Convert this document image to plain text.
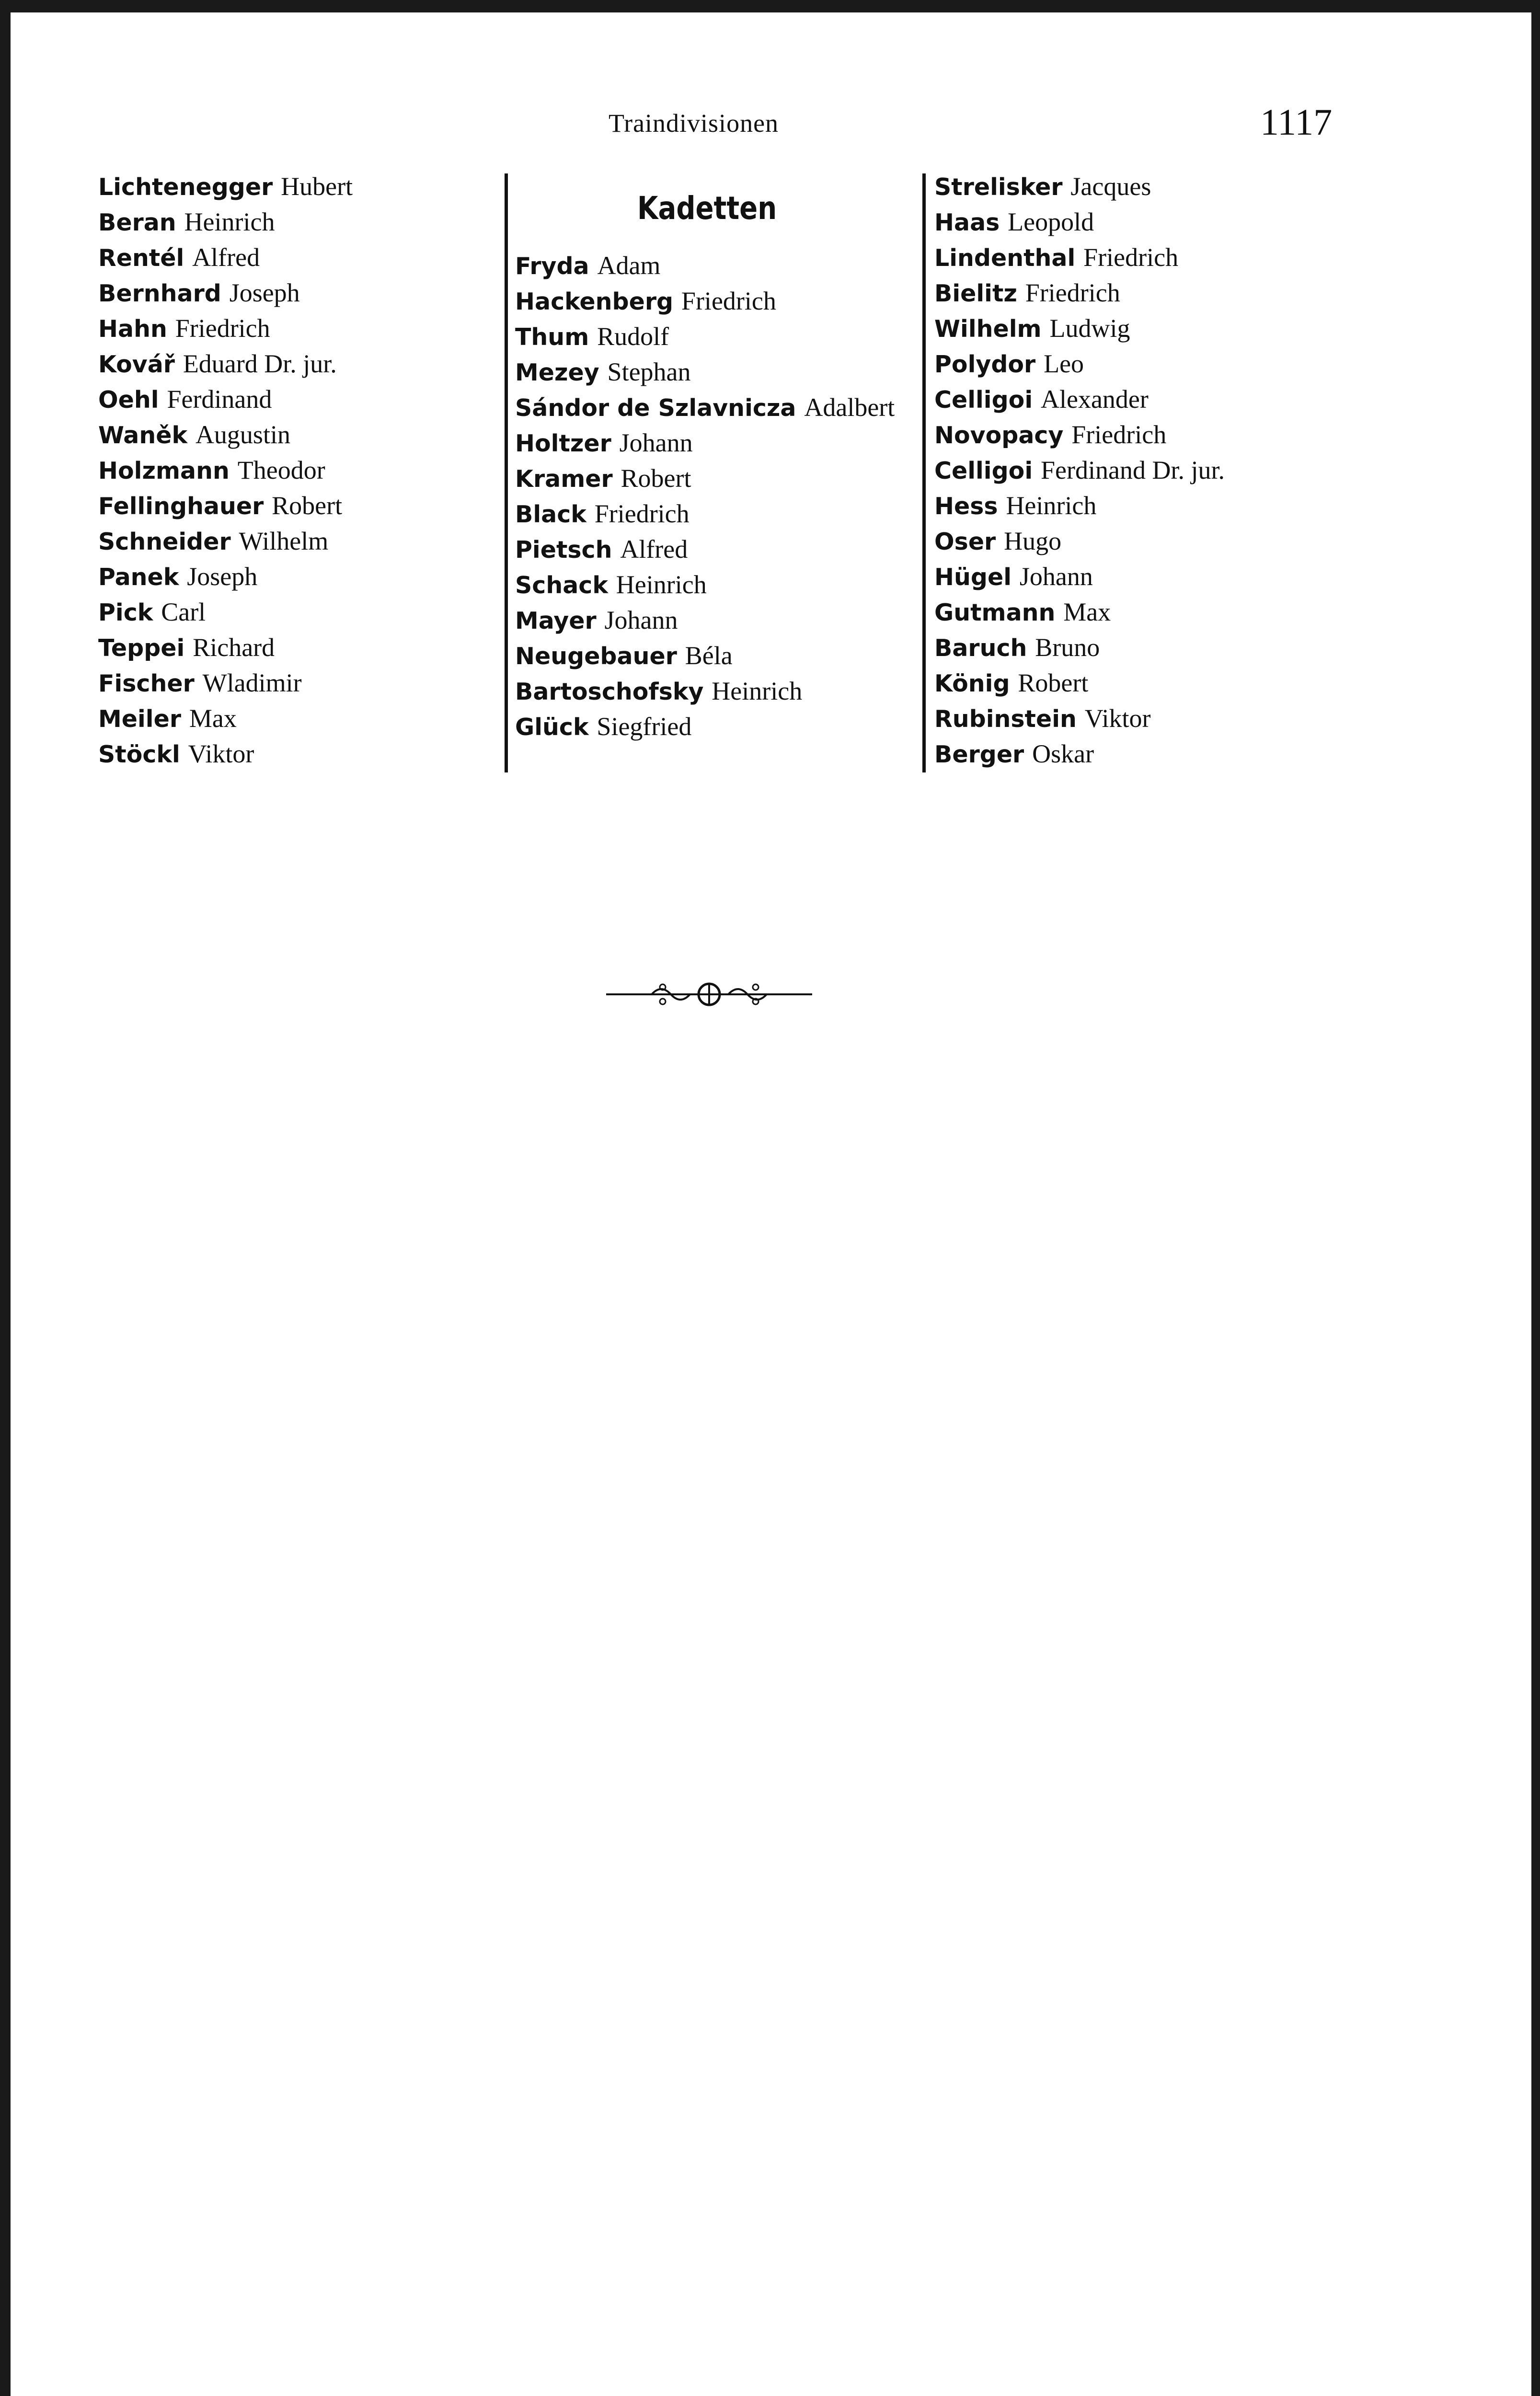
Traindivisionen	1117
Lichtenegger Hubert
Beran Heinrich
Rentél Alfred
Bernhard Joseph
Hahn Friedrich
Kovář Eduard Dr. jur.
Oehl Ferdinand
Waněk Augustin
Holzmann Theodor
Fellinghauer Robert
Schneider Wilhelm
Panek Joseph
Pick Carl
Teppei Richard
Fischer Wladimir
Meiler Max
Stöckl Viktor
Kadetten
Fryda Adam
Hackenberg Friedrich
Thum Rudolf
Mezey Stephan
Sándor de Szlavnicza Adalbert
Holtzer Johann
Kramer Robert
Black Friedrich
Pietsch Alfred
Schack Heinrich
Mayer Johann
Neugebauer Béla
Bartoschofsky Heinrich
Glück Siegfried
Strelisker Jacques
Haas Leopold
Lindenthal Friedrich
Bielitz Friedrich
Wilhelm Ludwig
Polydor Leo
Celligoi Alexander
Novopacy Friedrich
Celligoi Ferdinand Dr. jur.
Hess Heinrich
Oser Hugo
Hügel Johann
Gutmann Max
Baruch Bruno
König Robert
Rubinstein Viktor
Berger Oskar
